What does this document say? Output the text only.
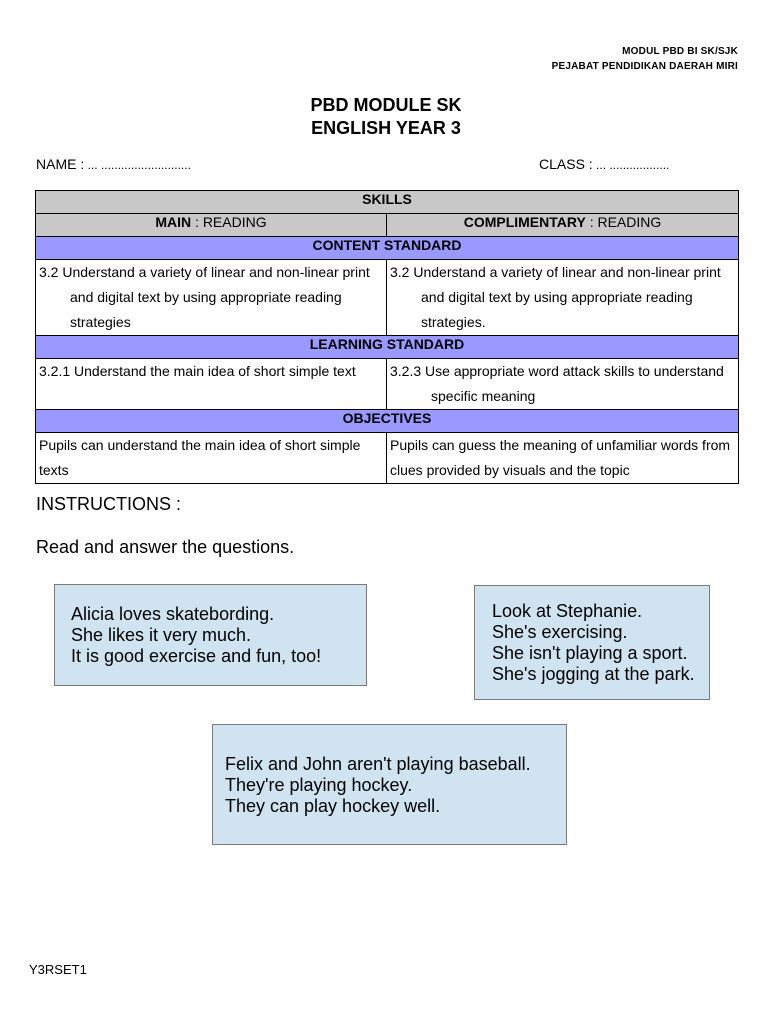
MODUL PBD BI SK/SJK
PEJABAT PENDIDIKAN DAERAH MIRI
PBD MODULE SK
ENGLISH YEAR 3
NAME : ... ...........................	CLASS : ... ..................
SKILLS	
MAIN : READING	COMPLIMENTARY : READING
CONTENT STANDARD	

3.2 Understand a variety of linear and non-linear print and digital text by using appropriate reading strategies	3.2 Understand a variety of linear and non-linear print and digital text by using appropriate reading strategies.

LEARNING STANDARD	

3.2.1 Understand the main idea of short simple text	3.2.3 Use appropriate word attack skills to understand specific meaning

OBJECTIVES	
Pupils can understand the main idea of short simple texts	Pupils can guess the meaning of unfamiliar words from clues provided by visuals and the topic
INSTRUCTIONS :
Read and answer the questions.
Alicia loves skatebording.
She likes it very much.
It is good exercise and fun, too!
Look at Stephanie.
She's exercising.
She isn't playing a sport.
She's jogging at the park.
Felix and John aren't playing baseball.
They're playing hockey.
They can play hockey well.
Y3RSET1
